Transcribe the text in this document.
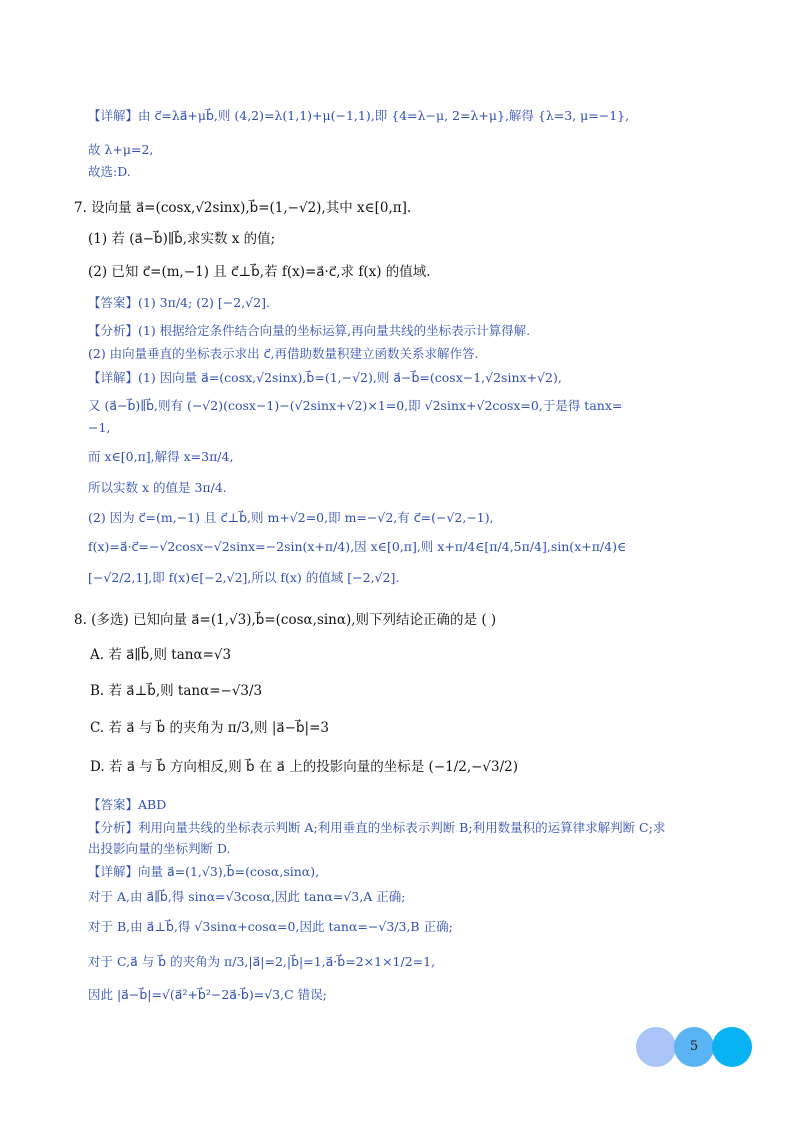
【详解】由 c⃗=λa⃗+μb⃗,则 (4,2)=λ(1,1)+μ(−1,1),即 {4=λ−μ, 2=λ+μ},解得 {λ=3, μ=−1},
故 λ+μ=2,
故选:D.
7. 设向量 a⃗=(cosx,√2sinx),b⃗=(1,−√2),其中 x∈[0,π].
(1) 若 (a⃗−b⃗)∥b⃗,求实数 x 的值;
(2) 已知 c⃗=(m,−1) 且 c⃗⊥b⃗,若 f(x)=a⃗·c⃗,求 f(x) 的值域.
【答案】(1) 3π/4; (2) [−2,√2].
【分析】(1) 根据给定条件结合向量的坐标运算,再向量共线的坐标表示计算得解.
(2) 由向量垂直的坐标表示求出 c⃗,再借助数量积建立函数关系求解作答.
【详解】(1) 因向量 a⃗=(cosx,√2sinx),b⃗=(1,−√2),则 a⃗−b⃗=(cosx−1,√2sinx+√2),
又 (a⃗−b⃗)∥b⃗,则有 (−√2)(cosx−1)−(√2sinx+√2)×1=0,即 √2sinx+√2cosx=0,于是得 tanx=
−1,
而 x∈[0,π],解得 x=3π/4,
所以实数 x 的值是 3π/4.
(2) 因为 c⃗=(m,−1) 且 c⃗⊥b⃗,则 m+√2=0,即 m=−√2,有 c⃗=(−√2,−1),
f(x)=a⃗·c⃗=−√2cosx−√2sinx=−2sin(x+π/4),因 x∈[0,π],则 x+π/4∈[π/4,5π/4],sin(x+π/4)∈
[−√2/2,1],即 f(x)∈[−2,√2],所以 f(x) 的值域 [−2,√2].
8. (多选) 已知向量 a⃗=(1,√3),b⃗=(cosα,sinα),则下列结论正确的是 ( )
A. 若 a⃗∥b⃗,则 tanα=√3
B. 若 a⃗⊥b⃗,则 tanα=−√3/3
C. 若 a⃗ 与 b⃗ 的夹角为 π/3,则 |a⃗−b⃗|=3
D. 若 a⃗ 与 b⃗ 方向相反,则 b⃗ 在 a⃗ 上的投影向量的坐标是 (−1/2,−√3/2)
【答案】ABD
【分析】利用向量共线的坐标表示判断 A;利用垂直的坐标表示判断 B;利用数量积的运算律求解判断 C;求
出投影向量的坐标判断 D.
【详解】向量 a⃗=(1,√3),b⃗=(cosα,sinα),
对于 A,由 a⃗∥b⃗,得 sinα=√3cosα,因此 tanα=√3,A 正确;
对于 B,由 a⃗⊥b⃗,得 √3sinα+cosα=0,因此 tanα=−√3/3,B 正确;
对于 C,a⃗ 与 b⃗ 的夹角为 π/3,|a⃗|=2,|b⃗|=1,a⃗·b⃗=2×1×1/2=1,
因此 |a⃗−b⃗|=√(a⃗²+b⃗²−2a⃗·b⃗)=√3,C 错误;
5
